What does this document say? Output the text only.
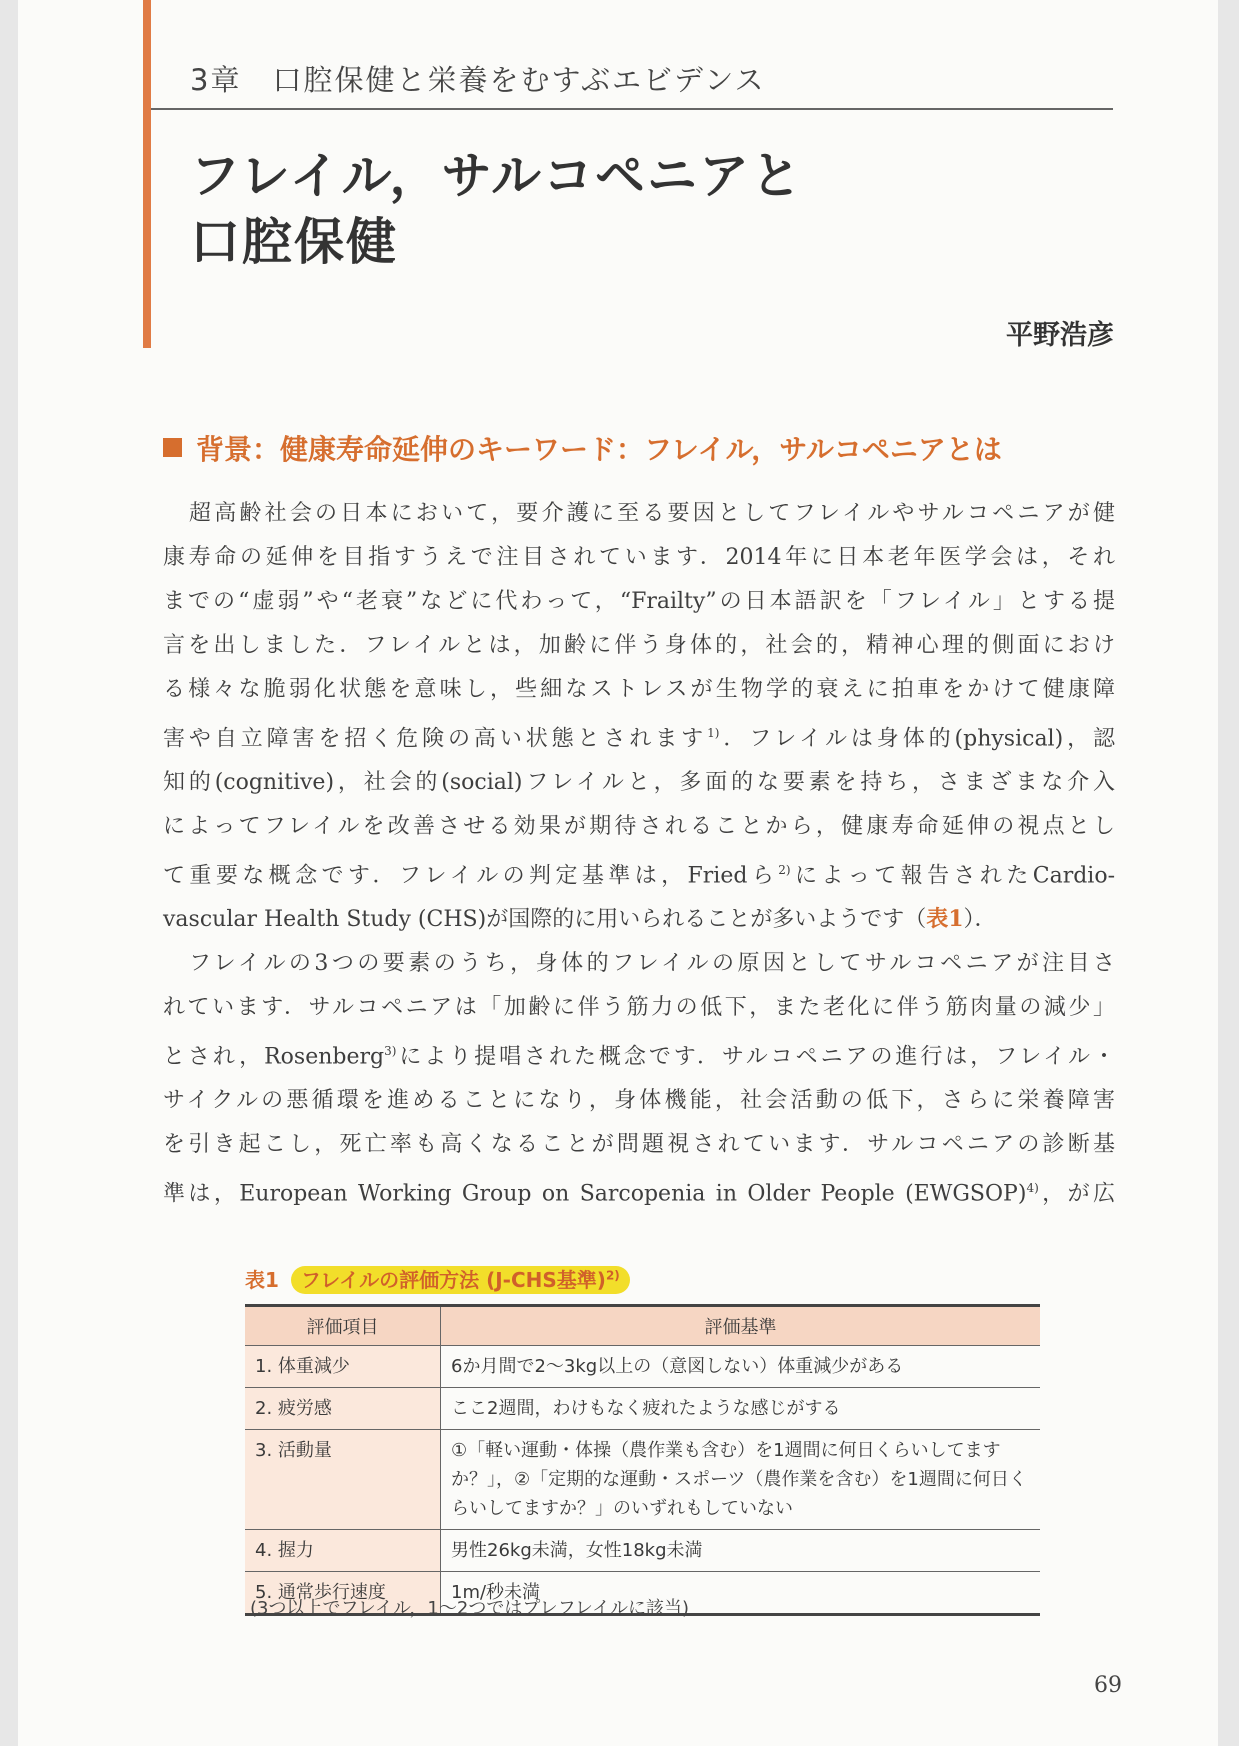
3章　口腔保健と栄養をむすぶエビデンス
フレイル，サルコペニアと
口腔保健
平野浩彦
背景：健康寿命延伸のキーワード：フレイル，サルコペニアとは
超高齢社会の日本において，要介護に至る要因としてフレイルやサルコペニアが健
康寿命の延伸を目指すうえで注目されています．2014年に日本老年医学会は，それ
までの“虚弱”や“老衰”などに代わって，“Frailty”の日本語訳を「フレイル」とする提
言を出しました．フレイルとは，加齢に伴う身体的，社会的，精神心理的側面におけ
る様々な脆弱化状態を意味し，些細なストレスが生物学的衰えに拍車をかけて健康障
害や自立障害を招く危険の高い状態とされます$^{1)}$．フレイルは身体的(physical)，認
知的(cognitive)，社会的(social)フレイルと，多面的な要素を持ち，さまざまな介入
によってフレイルを改善させる効果が期待されることから，健康寿命延伸の視点とし
て重要な概念です．フレイルの判定基準は，Friedら$^{2)}$によって報告されたCardio-
vascular Health Study (CHS)が国際的に用いられることが多いようです（表1）．
フレイルの3つの要素のうち，身体的フレイルの原因としてサルコペニアが注目さ
れています．サルコペニアは「加齢に伴う筋力の低下，また老化に伴う筋肉量の減少」
とされ，Rosenberg$^{3)}$により提唱された概念です．サルコペニアの進行は，フレイル・
サイクルの悪循環を進めることになり，身体機能，社会活動の低下，さらに栄養障害
を引き起こし，死亡率も高くなることが問題視されています．サルコペニアの診断基
準は，European Working Group on Sarcopenia in Older People (EWGSOP)$^{4)}$，が広
表1 フレイルの評価方法 (J-CHS基準)$^{2)}$
評価項目	評価基準
1. 体重減少	6か月間で2～3kg以上の（意図しない）体重減少がある
2. 疲労感	ここ2週間，わけもなく疲れたような感じがする
3. 活動量	①「軽い運動・体操（農作業も含む）を1週間に何日くらいしてますか？」，②「定期的な運動・スポーツ（農作業を含む）を1週間に何日くらいしてますか？」のいずれもしていない
4. 握力	男性26kg未満，女性18kg未満
5. 通常歩行速度	1m/秒未満
(3つ以上でフレイル，1～2つではプレフレイルに該当)
69
